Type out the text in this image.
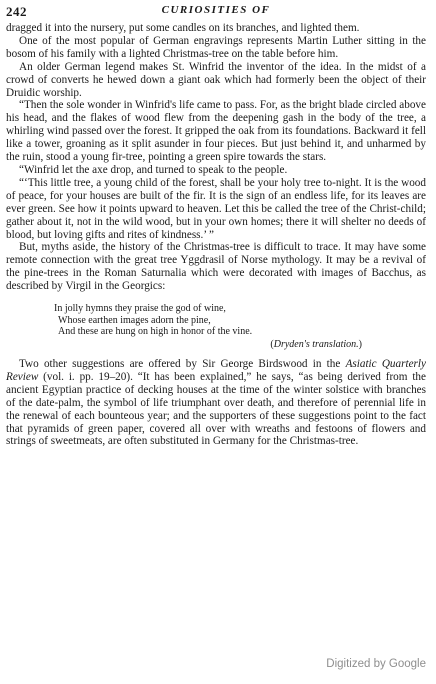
242	CURIOSITIES OF

dragged it into the nursery, put some candles on its branches, and lighted them.

One of the most popular of German engravings represents Martin Luther sitting in the bosom of his family with a lighted Christmas-tree on the table before him.

An older German legend makes St. Winfrid the inventor of the idea. In the midst of a crowd of converts he hewed down a giant oak which had formerly been the object of their Druidic worship.

“Then the sole wonder in Winfrid's life came to pass. For, as the bright blade circled above his head, and the flakes of wood flew from the deepening gash in the body of the tree, a whirling wind passed over the forest. It gripped the oak from its foundations. Backward it fell like a tower, groaning as it split asunder in four pieces. But just behind it, and unharmed by the ruin, stood a young fir-tree, pointing a green spire towards the stars.

“Winfrid let the axe drop, and turned to speak to the people.

“‘This little tree, a young child of the forest, shall be your holy tree to-night. It is the wood of peace, for your houses are built of the fir. It is the sign of an endless life, for its leaves are ever green. See how it points upward to heaven. Let this be called the tree of the Christ-child; gather about it, not in the wild wood, but in your own homes; there it will shelter no deeds of blood, but loving gifts and rites of kindness.’ ”

But, myths aside, the history of the Christmas-tree is difficult to trace. It may have some remote connection with the great tree Yggdrasil of Norse mythology. It may be a revival of the pine-trees in the Roman Saturnalia which were decorated with images of Bacchus, as described by Virgil in the Georgics:

In jolly hymns they praise the god of wine,
Whose earthen images adorn the pine,
And these are hung on high in honor of the vine.
(Dryden's translation.)

Two other suggestions are offered by Sir George Birdswood in the Asiatic Quarterly Review (vol. i. pp. 19–20). “It has been explained,” he says, “as being derived from the ancient Egyptian practice of decking houses at the time of the winter solstice with branches of the date-palm, the symbol of life triumphant over death, and therefore of perennial life in the renewal of each bounteous year; and the supporters of these suggestions point to the fact that pyramids of green paper, covered all over with wreaths and festoons of flowers and strings of sweetmeats, are often substituted in Germany for the Christmas-tree.

Digitized by Google
